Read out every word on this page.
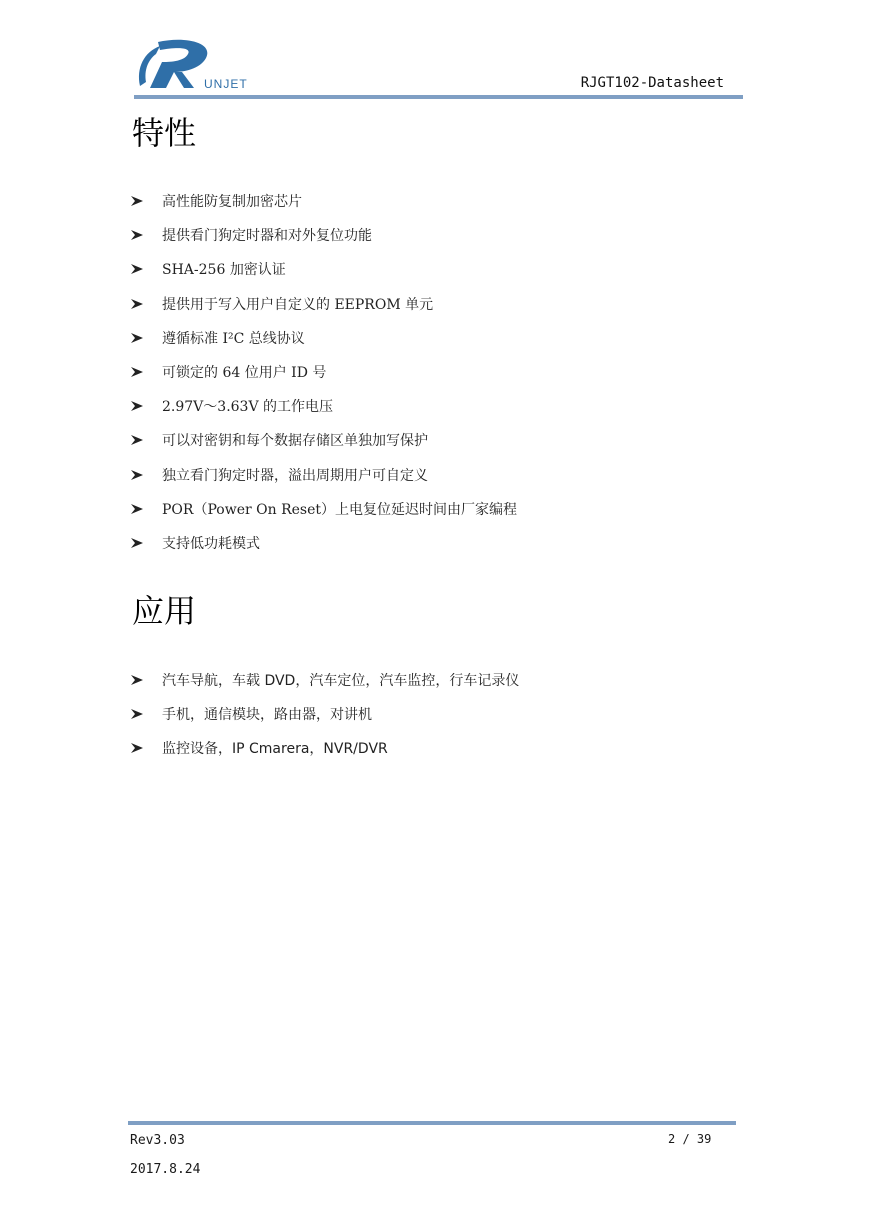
UNJET	RJGT102-Datasheet
特性
高性能防复制加密芯片
提供看门狗定时器和对外复位功能
SHA-256 加密认证
提供用于写入用户自定义的 EEPROM 单元
遵循标准 I²C 总线协议
可锁定的 64 位用户 ID 号
2.97V～3.63V 的工作电压
可以对密钥和每个数据存储区单独加写保护
独立看门狗定时器，溢出周期用户可自定义
POR（Power On Reset）上电复位延迟时间由厂家编程
支持低功耗模式
应用
汽车导航，车载 DVD，汽车定位，汽车监控，行车记录仪
手机，通信模块，路由器，对讲机
监控设备，IP Cmarera，NVR/DVR
Rev3.03	2 / 39
2017.8.24
